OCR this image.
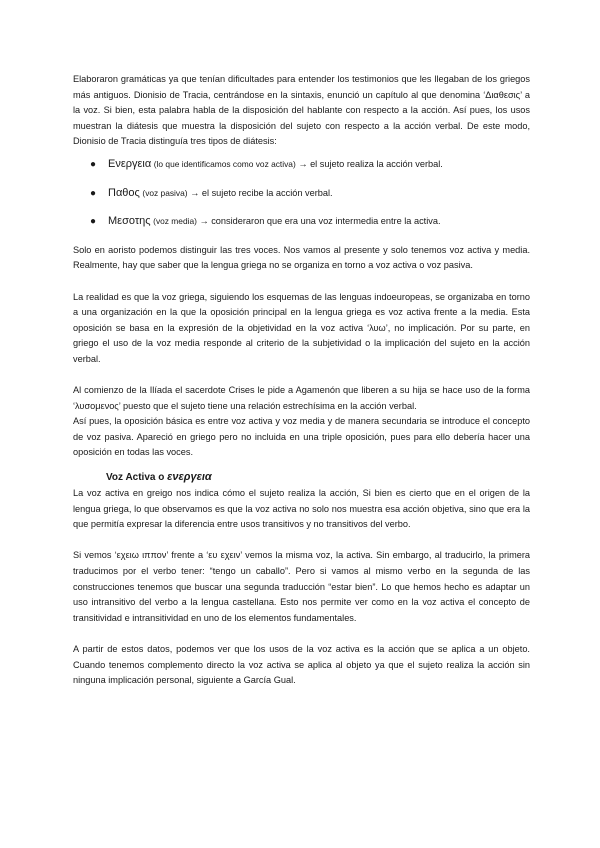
Elaboraron gramáticas ya que tenían dificultades para entender los testimonios que les llegaban de los griegos más antiguos. Dionisio de Tracia, centrándose en la sintaxis, enunció un capítulo al que denomina ‘Διαθεσις’ a la voz. Si bien, esta palabra habla de la disposición del hablante con respecto a la acción. Así pues, los usos muestran la diátesis que muestra la disposición del sujeto con respecto a la acción verbal. De este modo, Dionisio de Tracia distinguía tres tipos de diátesis:

● Ενεργεια (lo que identificamos como voz activa) → el sujeto realiza la acción verbal.
● Παθος (voz pasiva) → el sujeto recibe la acción verbal.
● Μεσοτης (voz media) → consideraron que era una voz intermedia entre la activa.

Solo en aoristo podemos distinguir las tres voces. Nos vamos al presente y solo tenemos voz activa y media. Realmente, hay que saber que la lengua griega no se organiza en torno a voz activa o voz pasiva.

La realidad es que la voz griega, siguiendo los esquemas de las lenguas indoeuropeas, se organizaba en torno a una organización en la que la oposición principal en la lengua griega es voz activa frente a la media. Esta oposición se basa en la expresión de la objetividad en la voz activa ‘λυω’, no implicación. Por su parte, en griego el uso de la voz media responde al criterio de la subjetividad o la implicación del sujeto en la acción verbal.

Al comienzo de la Ilíada el sacerdote Crises le pide a Agamenón que liberen a su hija se hace uso de la forma ‘λυσομενος’ puesto que el sujeto tiene una relación estrechísima en la acción verbal.

Así pues, la oposición básica es entre voz activa y voz media y de manera secundaria se introduce el concepto de voz pasiva. Apareció en griego pero no incluida en una triple oposición, pues para ello debería hacer una oposición en todas las voces.

Voz Activa o ενεργεια

La voz activa en greigo nos indica cómo el sujeto realiza la acción, Si bien es cierto que en el origen de la lengua griega, lo que observamos es que la voz activa no solo nos muestra esa acción objetiva, sino que era la que permitía expresar la diferencia entre usos transitivos y no transitivos del verbo.

Si vemos ‘εχειω ιππον’ frente a ‘ευ εχειν’ vemos la misma voz, la activa. Sin embargo, al traducirlo, la primera traducimos por el verbo tener: “tengo un caballo”. Pero si vamos al mismo verbo en la segunda de las construcciones tenemos que buscar una segunda traducción “estar bien”. Lo que hemos hecho es adaptar un uso intransitivo del verbo a la lengua castellana. Esto nos permite ver como en la voz activa el concepto de transitividad e intransitividad en uno de los elementos fundamentales.

A partir de estos datos, podemos ver que los usos de la voz activa es la acción que se aplica a un objeto. Cuando tenemos complemento directo la voz activa se aplica al objeto ya que el sujeto realiza la acción sin ninguna implicación personal, siguiente a García Gual.
